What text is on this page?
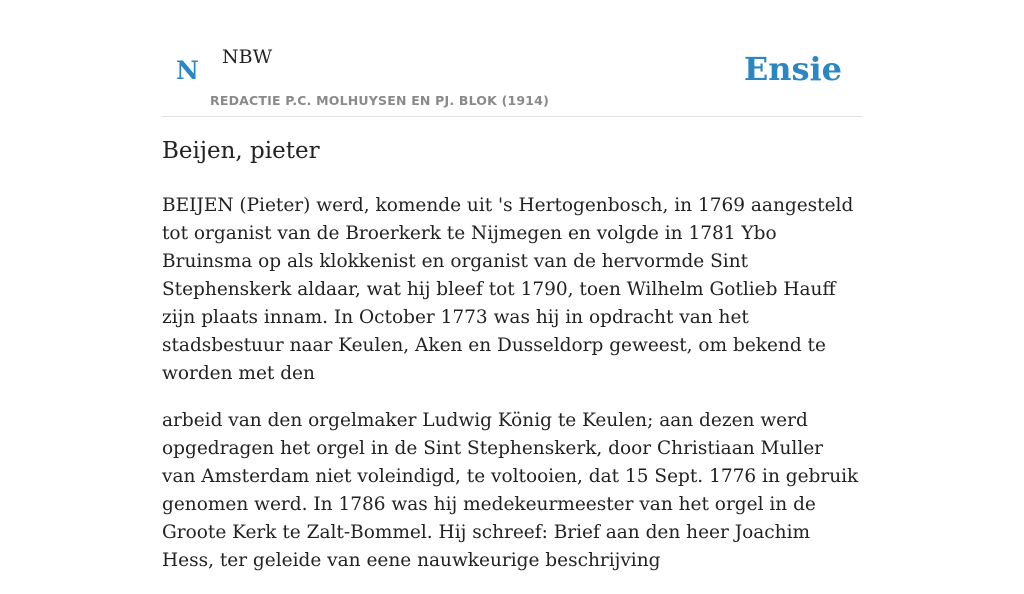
N NBW
REDACTIE P.C. MOLHUYSEN EN PJ. BLOK (1914)
Ensie
Beijen, pieter

BEIJEN (Pieter) werd, komende uit 's Hertogenbosch, in 1769 aangesteld tot organist van de Broerkerk te Nijmegen en volgde in 1781 Ybo Bruinsma op als klokkenist en organist van de hervormde Sint Stephenskerk aldaar, wat hij bleef tot 1790, toen Wilhelm Gotlieb Hauff zijn plaats innam. In October 1773 was hij in opdracht van het stadsbestuur naar Keulen, Aken en Dusseldorp geweest, om bekend te worden met den

arbeid van den orgelmaker Ludwig König te Keulen; aan dezen werd opgedragen het orgel in de Sint Stephenskerk, door Christiaan Muller van Amsterdam niet voleindigd, te voltooien, dat 15 Sept. 1776 in gebruik genomen werd. In 1786 was hij medekeurmeester van het orgel in de Groote Kerk te Zalt-Bommel. Hij schreef: Brief aan den heer Joachim Hess, ter geleide van eene nauwkeurige beschrijving
